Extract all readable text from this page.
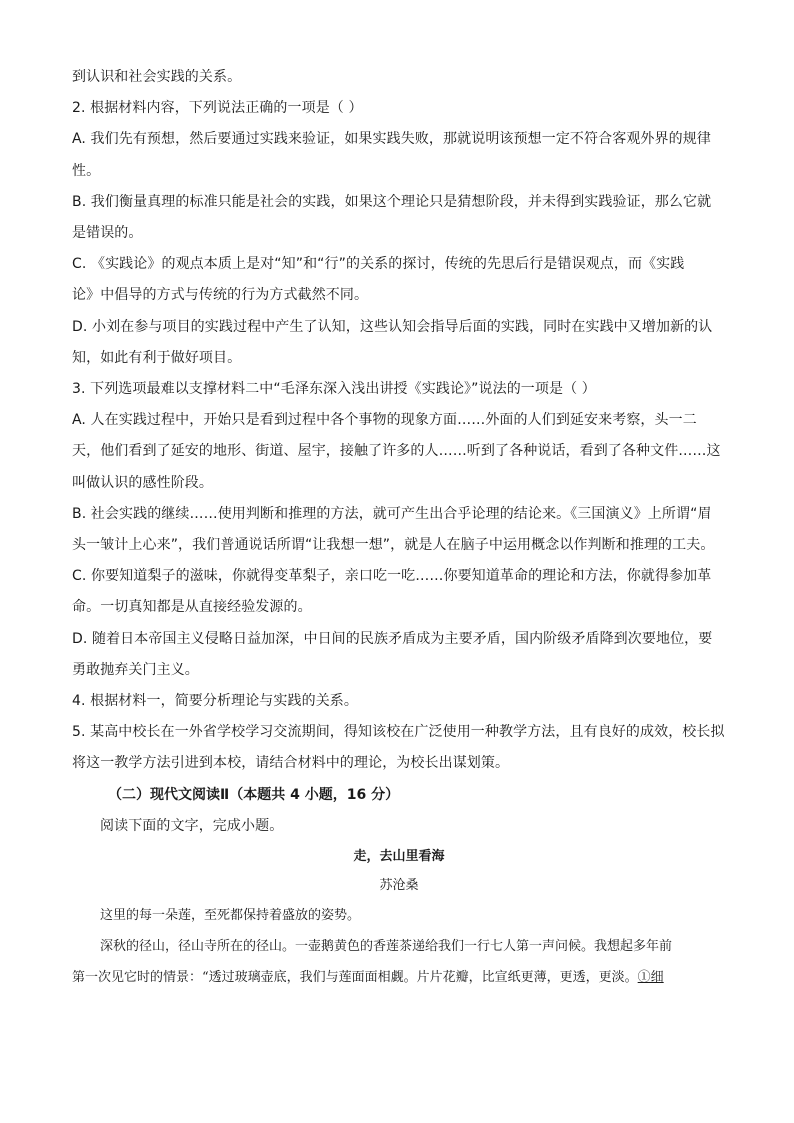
到认识和社会实践的关系。
2. 根据材料内容，下列说法正确的一项是（ ）
A. 我们先有预想，然后要通过实践来验证，如果实践失败，那就说明该预想一定不符合客观外界的规律
性。
B. 我们衡量真理的标准只能是社会的实践，如果这个理论只是猜想阶段，并未得到实践验证，那么它就
是错误的。
C. 《实践论》的观点本质上是对“知”和“行”的关系的探讨，传统的先思后行是错误观点，而《实践
论》中倡导的方式与传统的行为方式截然不同。
D. 小刘在参与项目的实践过程中产生了认知，这些认知会指导后面的实践，同时在实践中又增加新的认
知，如此有利于做好项目。
3. 下列选项最难以支撑材料二中“毛泽东深入浅出讲授《实践论》”说法的一项是（ ）
A. 人在实践过程中，开始只是看到过程中各个事物的现象方面……外面的人们到延安来考察，头一二
天，他们看到了延安的地形、街道、屋宇，接触了许多的人……听到了各种说话，看到了各种文件……这
叫做认识的感性阶段。
B. 社会实践的继续……使用判断和推理的方法，就可产生出合乎论理的结论来。《三国演义》上所谓“眉
头一皱计上心来”，我们普通说话所谓“让我想一想”，就是人在脑子中运用概念以作判断和推理的工夫。
C. 你要知道梨子的滋味，你就得变革梨子，亲口吃一吃……你要知道革命的理论和方法，你就得参加革
命。一切真知都是从直接经验发源的。
D. 随着日本帝国主义侵略日益加深，中日间的民族矛盾成为主要矛盾，国内阶级矛盾降到次要地位，要
勇敢抛弃关门主义。
4. 根据材料一，简要分析理论与实践的关系。
5. 某高中校长在一外省学校学习交流期间，得知该校在广泛使用一种教学方法，且有良好的成效，校长拟
将这一教学方法引进到本校，请结合材料中的理论，为校长出谋划策。
（二）现代文阅读Ⅱ（本题共 4 小题，16 分）
阅读下面的文字，完成小题。
走，去山里看海
苏沧桑
这里的每一朵莲，至死都保持着盛放的姿势。
深秋的径山，径山寺所在的径山。一壶鹅黄色的香莲茶递给我们一行七人第一声问候。我想起多年前
第一次见它时的情景：“透过玻璃壶底，我们与莲面面相觑。片片花瓣，比宣纸更薄，更透，更淡。①细
